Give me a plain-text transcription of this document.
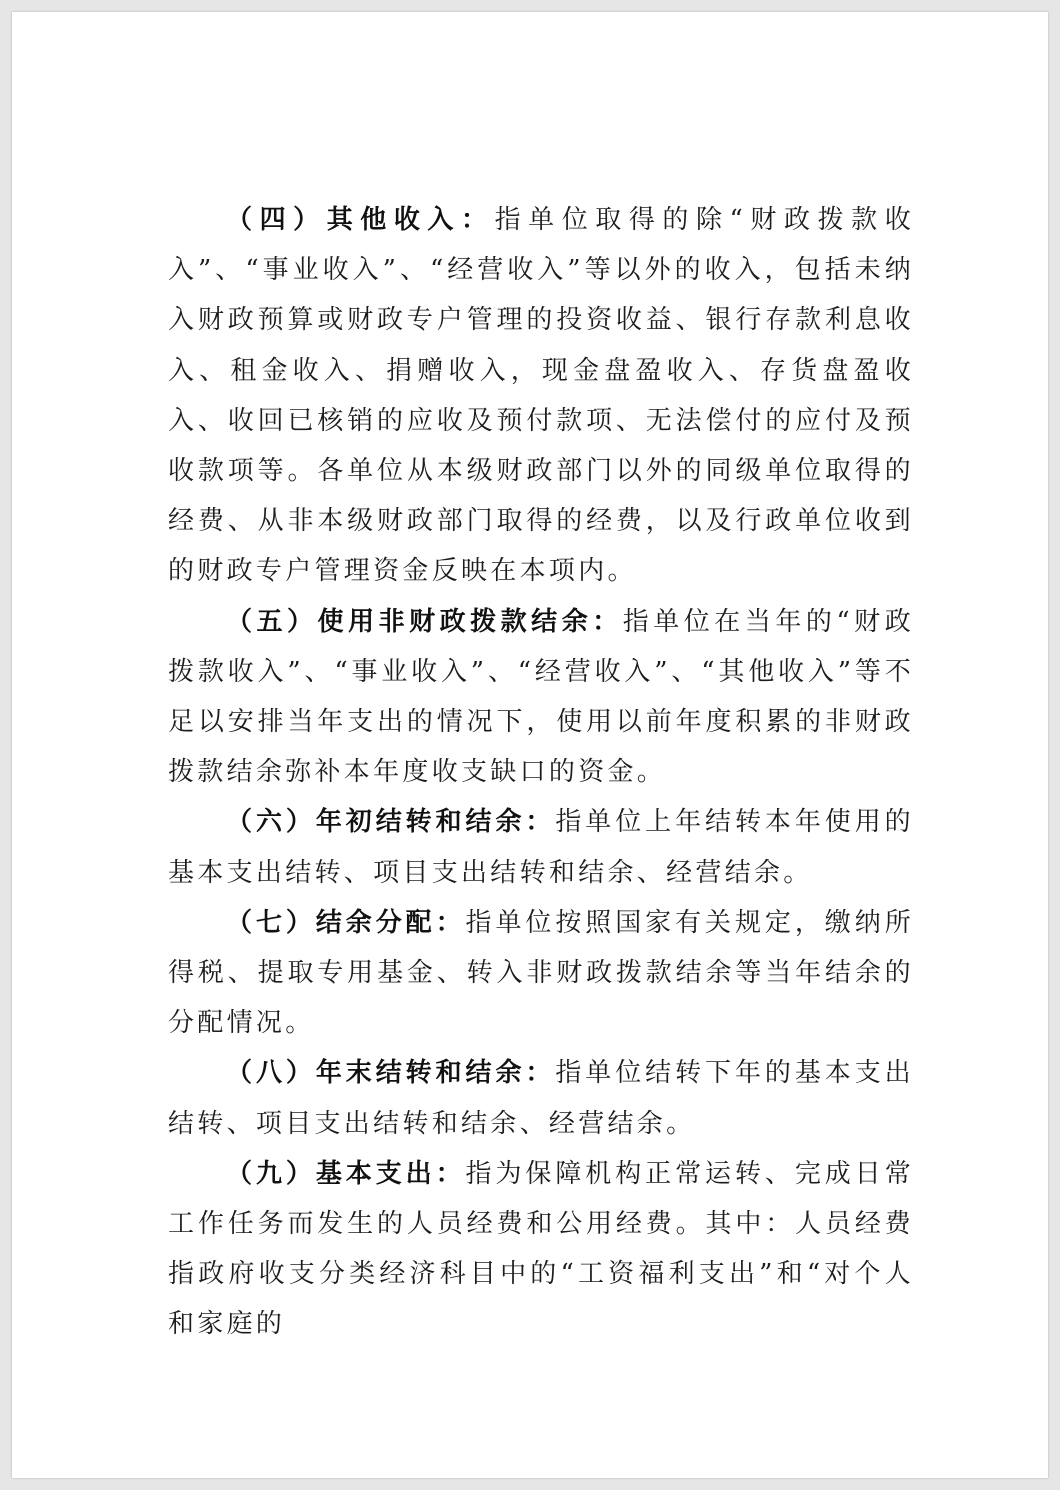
（四）其他收入：指单位取得的除“财政拨款收入”、“事业收入”、“经营收入”等以外的收入，包括未纳入财政预算或财政专户管理的投资收益、银行存款利息收入、租金收入、捐赠收入，现金盘盈收入、存货盘盈收入、收回已核销的应收及预付款项、无法偿付的应付及预收款项等。各单位从本级财政部门以外的同级单位取得的经费、从非本级财政部门取得的经费，以及行政单位收到的财政专户管理资金反映在本项内。

（五）使用非财政拨款结余：指单位在当年的“财政拨款收入”、“事业收入”、“经营收入”、“其他收入”等不足以安排当年支出的情况下，使用以前年度积累的非财政拨款结余弥补本年度收支缺口的资金。

（六）年初结转和结余：指单位上年结转本年使用的基本支出结转、项目支出结转和结余、经营结余。

（七）结余分配：指单位按照国家有关规定，缴纳所得税、提取专用基金、转入非财政拨款结余等当年结余的分配情况。

（八）年末结转和结余：指单位结转下年的基本支出结转、项目支出结转和结余、经营结余。

（九）基本支出：指为保障机构正常运转、完成日常工作任务而发生的人员经费和公用经费。其中：人员经费指政府收支分类经济科目中的“工资福利支出”和“对个人和家庭的
